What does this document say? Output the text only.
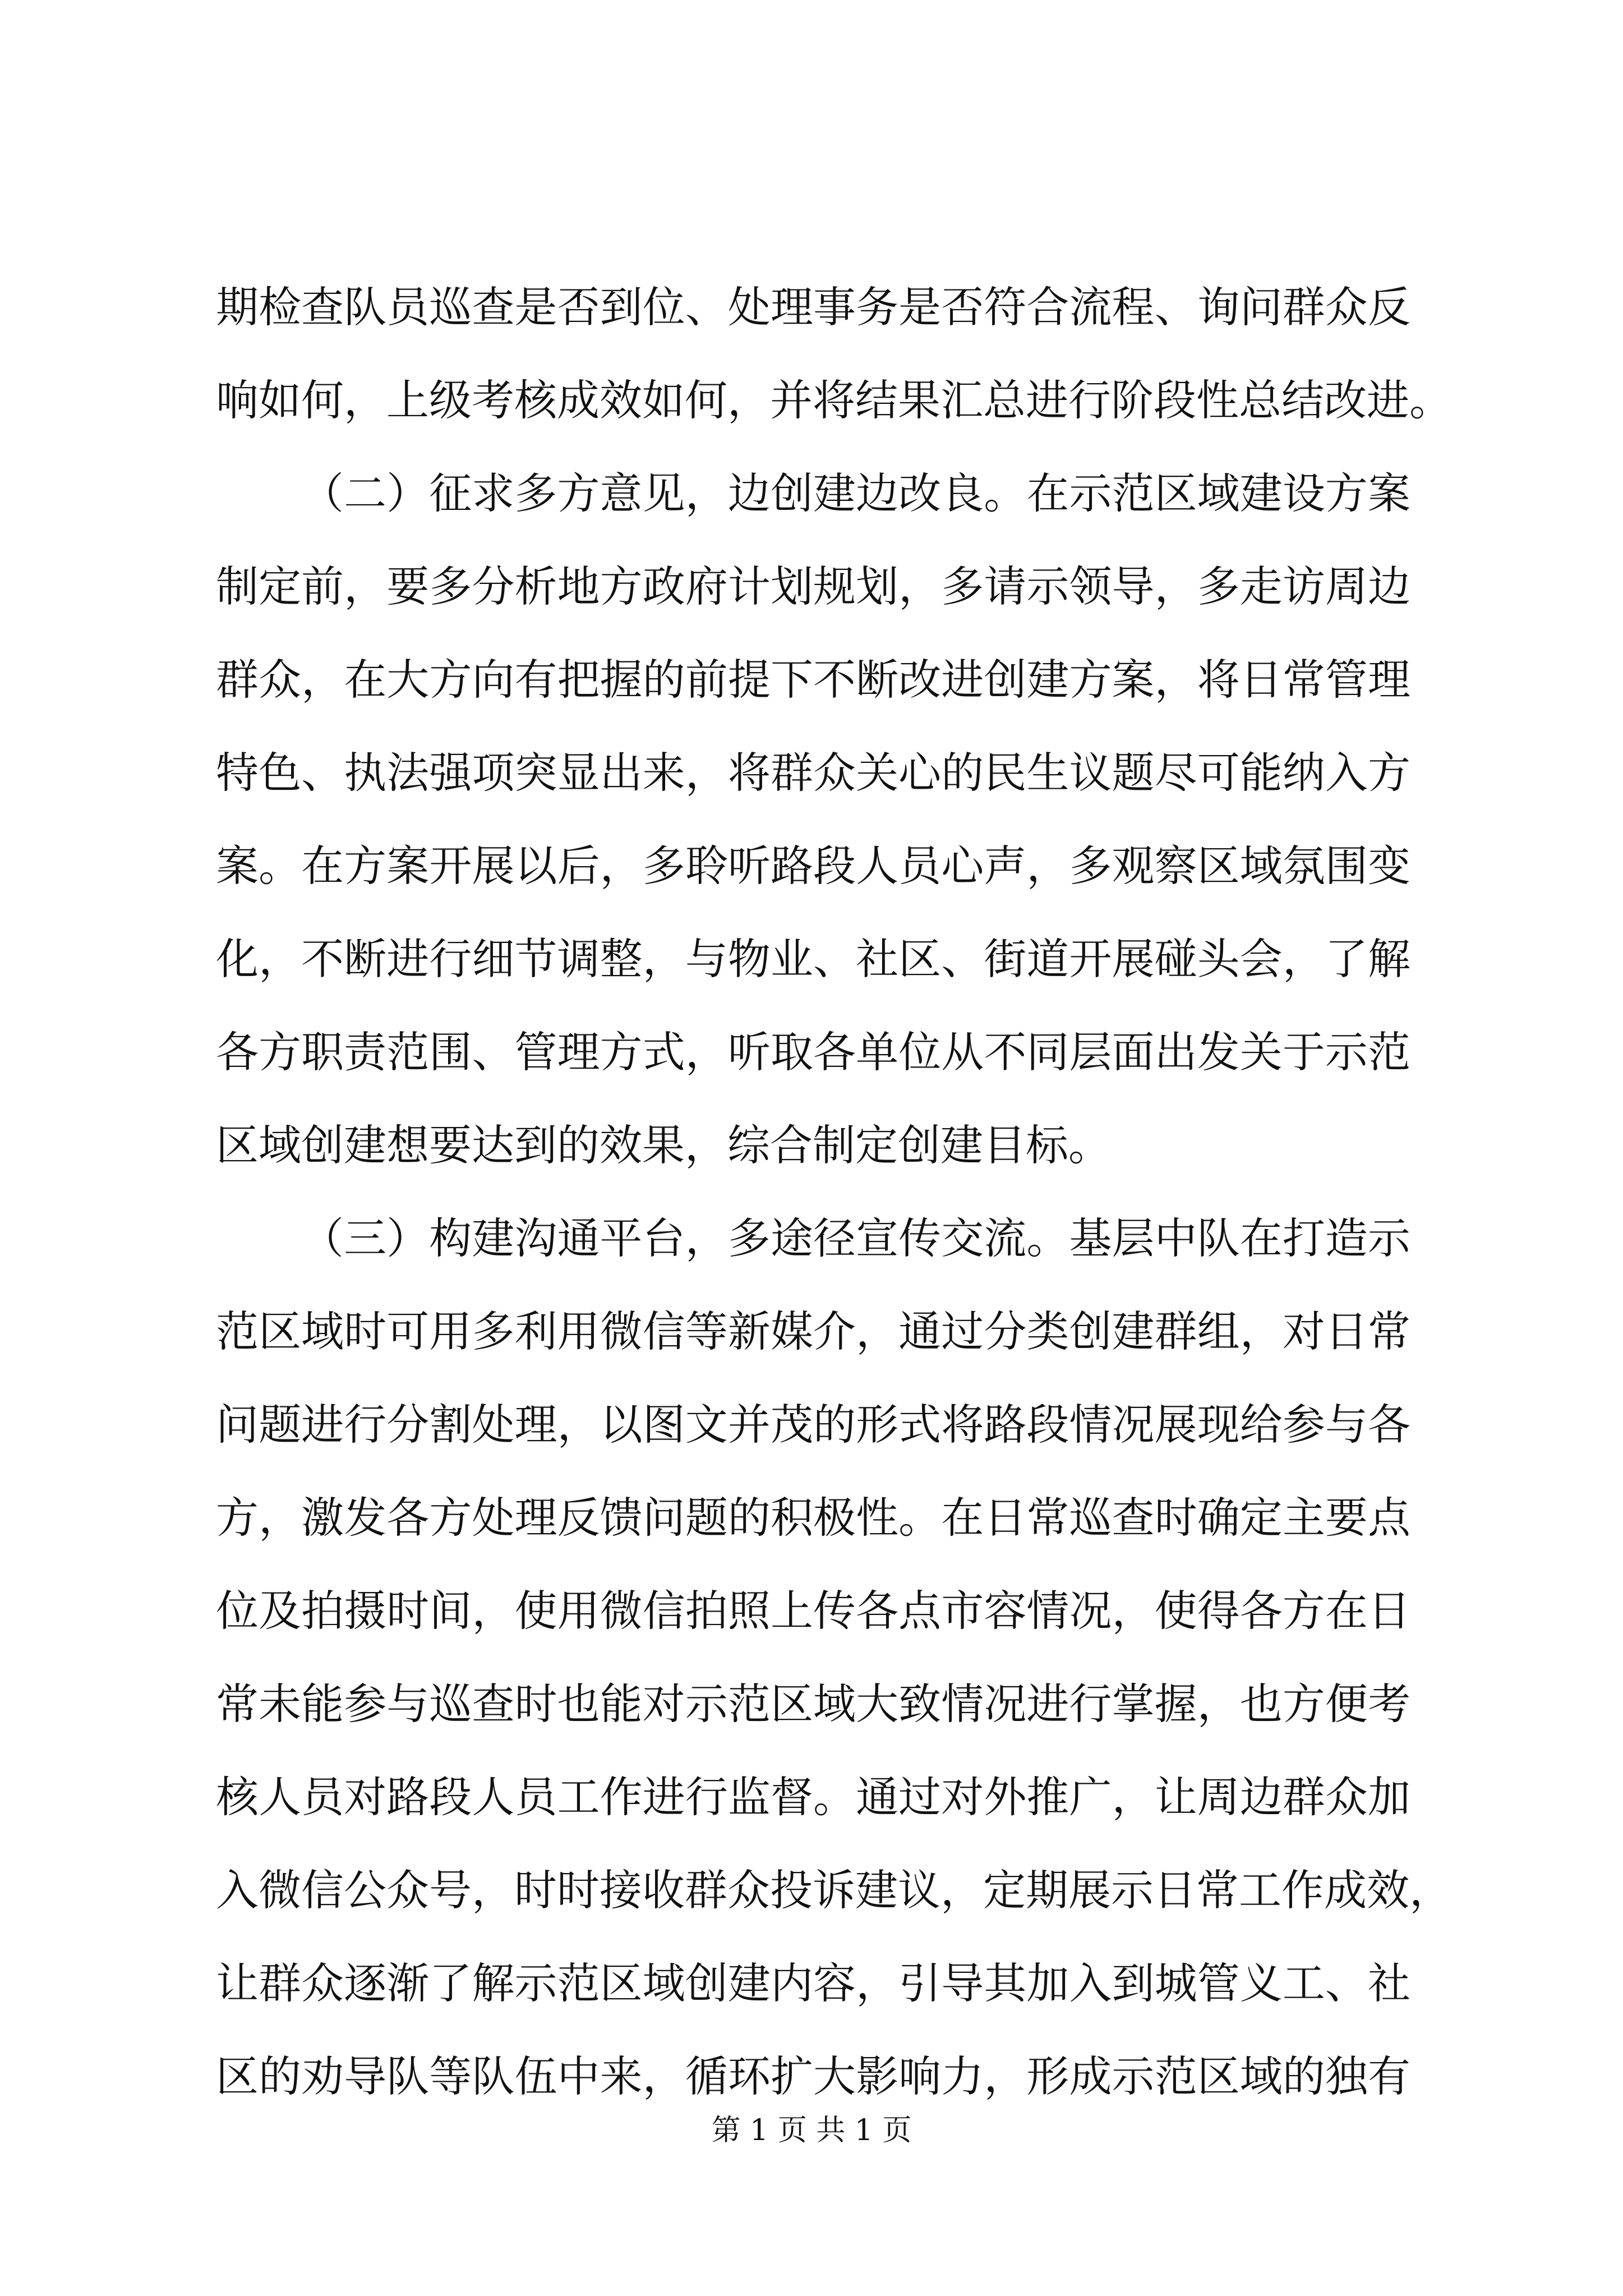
期检查队员巡查是否到位、处理事务是否符合流程、询问群众反
响如何，上级考核成效如何，并将结果汇总进行阶段性总结改进。
（二）征求多方意见，边创建边改良。在示范区域建设方案
制定前，要多分析地方政府计划规划，多请示领导，多走访周边
群众，在大方向有把握的前提下不断改进创建方案，将日常管理
特色、执法强项突显出来，将群众关心的民生议题尽可能纳入方
案。在方案开展以后，多聆听路段人员心声，多观察区域氛围变
化，不断进行细节调整，与物业、社区、街道开展碰头会，了解
各方职责范围、管理方式，听取各单位从不同层面出发关于示范
区域创建想要达到的效果，综合制定创建目标。
（三）构建沟通平台，多途径宣传交流。基层中队在打造示
范区域时可用多利用微信等新媒介，通过分类创建群组，对日常
问题进行分割处理，以图文并茂的形式将路段情况展现给参与各
方，激发各方处理反馈问题的积极性。在日常巡查时确定主要点
位及拍摄时间，使用微信拍照上传各点市容情况，使得各方在日
常未能参与巡查时也能对示范区域大致情况进行掌握，也方便考
核人员对路段人员工作进行监督。通过对外推广，让周边群众加
入微信公众号，时时接收群众投诉建议，定期展示日常工作成效，
让群众逐渐了解示范区域创建内容，引导其加入到城管义工、社
区的劝导队等队伍中来，循环扩大影响力，形成示范区域的独有
第 1 页 共 1 页
